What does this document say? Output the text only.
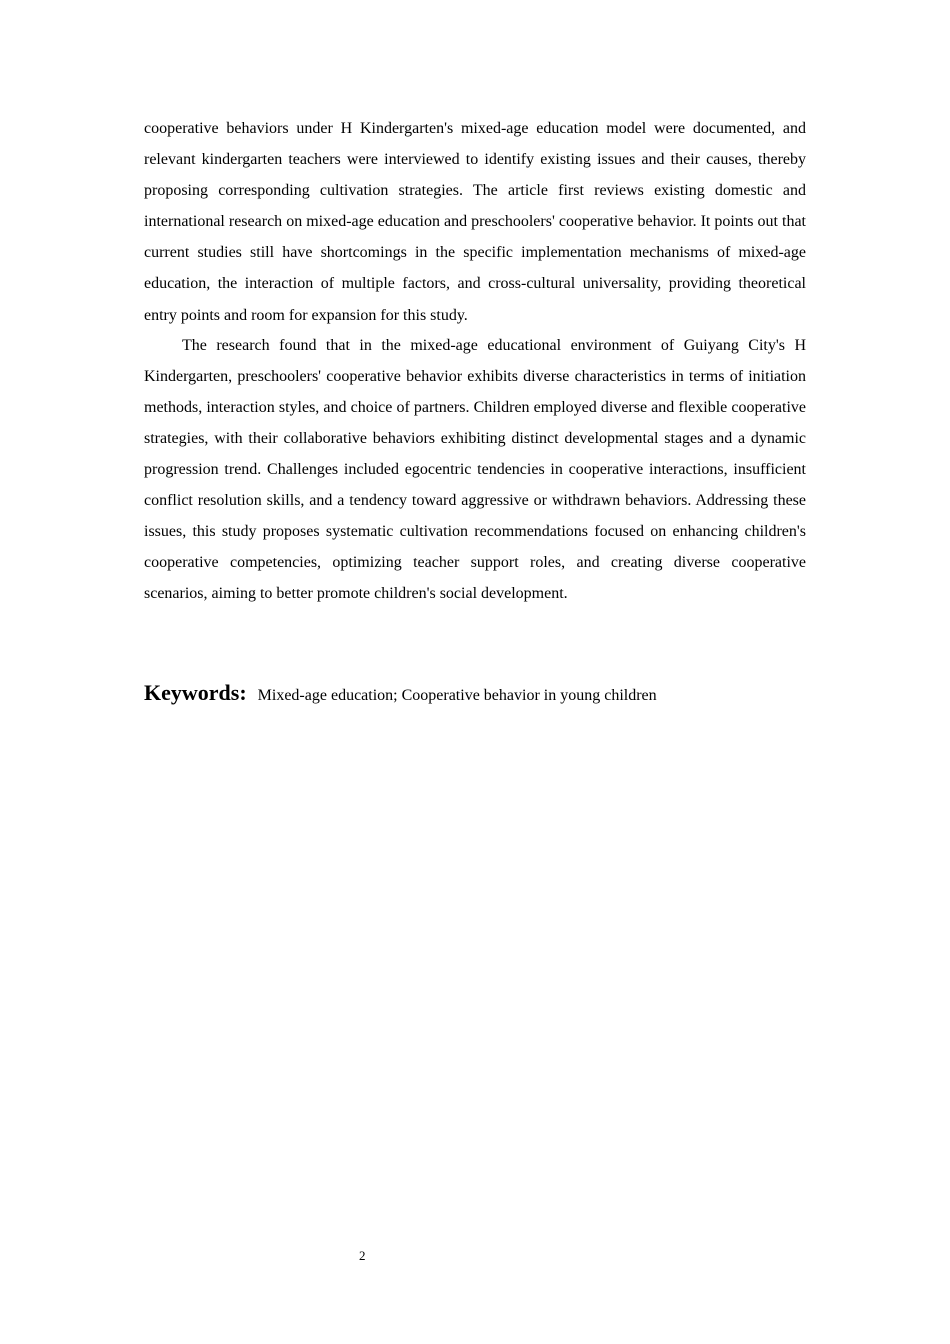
cooperative behaviors under H Kindergarten's mixed-age education model were documented, and relevant kindergarten teachers were interviewed to identify existing issues and their causes, thereby proposing corresponding cultivation strategies. The article first reviews existing domestic and international research on mixed-age education and preschoolers' cooperative behavior. It points out that current studies still have shortcomings in the specific implementation mechanisms of mixed-age education, the interaction of multiple factors, and cross-cultural universality, providing theoretical entry points and room for expansion for this study.

The research found that in the mixed-age educational environment of Guiyang City's H Kindergarten, preschoolers' cooperative behavior exhibits diverse characteristics in terms of initiation methods, interaction styles, and choice of partners. Children employed diverse and flexible cooperative strategies, with their collaborative behaviors exhibiting distinct developmental stages and a dynamic progression trend. Challenges included egocentric tendencies in cooperative interactions, insufficient conflict resolution skills, and a tendency toward aggressive or withdrawn behaviors. Addressing these issues, this study proposes systematic cultivation recommendations focused on enhancing children's cooperative competencies, optimizing teacher support roles, and creating diverse cooperative scenarios, aiming to better promote children's social development.

Keywords: Mixed-age education; Cooperative behavior in young children
2
